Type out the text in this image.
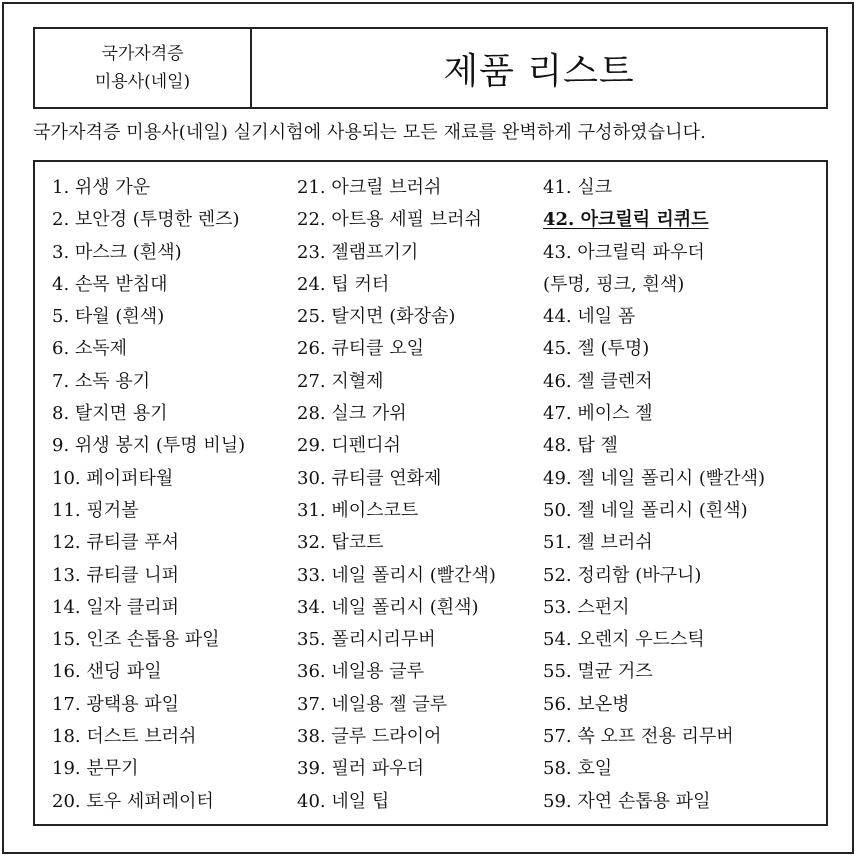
국가자격증
미용사(네일)	제품 리스트
국가자격증 미용사(네일) 실기시험에 사용되는 모든 재료를 완벽하게 구성하였습니다.
1. 위생 가운
2. 보안경 (투명한 렌즈)
3. 마스크 (흰색)
4. 손목 받침대
5. 타월 (흰색)
6. 소독제
7. 소독 용기
8. 탈지면 용기
9. 위생 봉지 (투명 비닐)
10. 페이퍼타월
11. 핑거볼
12. 큐티클 푸셔
13. 큐티클 니퍼
14. 일자 클리퍼
15. 인조 손톱용 파일
16. 샌딩 파일
17. 광택용 파일
18. 더스트 브러쉬
19. 분무기
20. 토우 세퍼레이터
21. 아크릴 브러쉬
22. 아트용 세필 브러쉬
23. 젤램프기기
24. 팁 커터
25. 탈지면 (화장솜)
26. 큐티클 오일
27. 지혈제
28. 실크 가위
29. 디펜디쉬
30. 큐티클 연화제
31. 베이스코트
32. 탑코트
33. 네일 폴리시 (빨간색)
34. 네일 폴리시 (흰색)
35. 폴리시리무버
36. 네일용 글루
37. 네일용 젤 글루
38. 글루 드라이어
39. 필러 파우더
40. 네일 팁
41. 실크
42. 아크릴릭 리퀴드
43. 아크릴릭 파우더
(투명, 핑크, 흰색)
44. 네일 폼
45. 젤 (투명)
46. 젤 클렌저
47. 베이스 젤
48. 탑 젤
49. 젤 네일 폴리시 (빨간색)
50. 젤 네일 폴리시 (흰색)
51. 젤 브러쉬
52. 정리함 (바구니)
53. 스펀지
54. 오렌지 우드스틱
55. 멸균 거즈
56. 보온병
57. 쏙 오프 전용 리무버
58. 호일
59. 자연 손톱용 파일
